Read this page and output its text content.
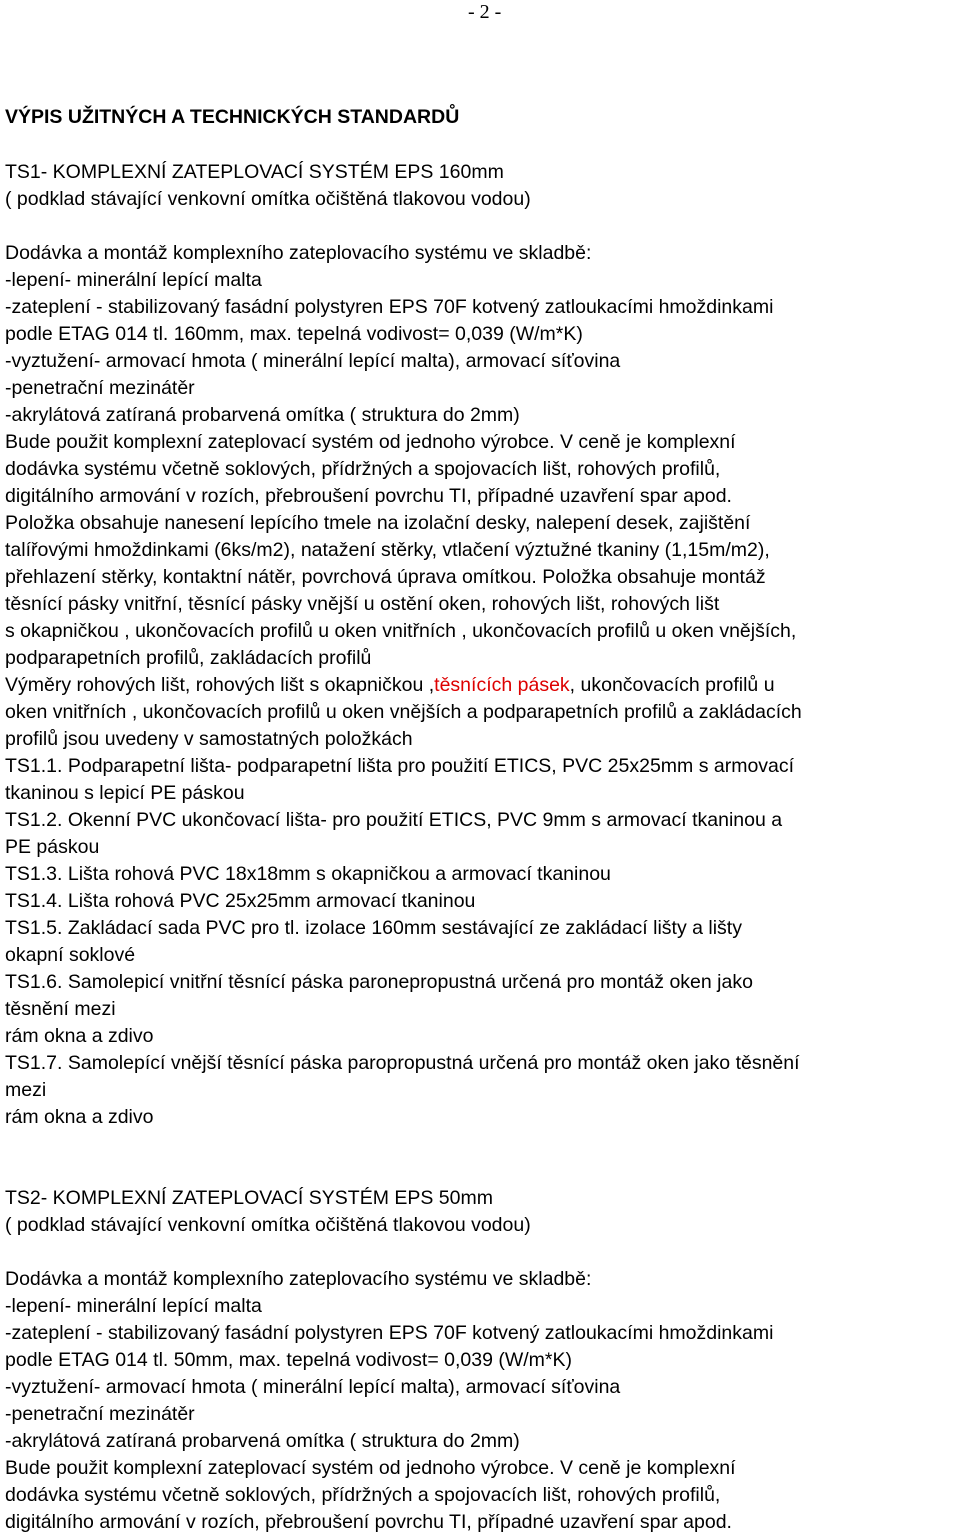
- 2 -
VÝPIS UŽITNÝCH A TECHNICKÝCH STANDARDŮ
TS1- KOMPLEXNÍ ZATEPLOVACÍ SYSTÉM EPS 160mm
( podklad stávající venkovní omítka očištěná tlakovou vodou)
Dodávka a montáž komplexního zateplovacího systému ve skladbě:
-lepení- minerální lepící malta
-zateplení - stabilizovaný fasádní polystyren EPS 70F kotvený zatloukacími hmoždinkami
podle ETAG 014 tl. 160mm, max. tepelná vodivost= 0,039 (W/m*K)
-vyztužení- armovací hmota ( minerální lepící malta), armovací síťovina
-penetrační mezinátěr
-akrylátová zatíraná probarvená omítka ( struktura do 2mm)
Bude použit komplexní zateplovací systém od jednoho výrobce. V ceně je komplexní
dodávka systému včetně soklových, přídržných a spojovacích lišt, rohových profilů,
digitálního armování v rozích, přebroušení povrchu TI, případné uzavření spar apod.
Položka obsahuje nanesení lepícího tmele na izolační desky, nalepení desek, zajištění
talířovými hmoždinkami (6ks/m2), natažení stěrky, vtlačení výztužné tkaniny (1,15m/m2),
přehlazení stěrky, kontaktní nátěr, povrchová úprava omítkou. Položka obsahuje montáž
těsnící pásky vnitřní, těsnící pásky vnější u ostění oken, rohových lišt, rohových lišt
s okapničkou , ukončovacích profilů u oken vnitřních , ukončovacích profilů u oken vnějších,
podparapetních profilů, zakládacích profilů
Výměry rohových lišt, rohových lišt s okapničkou ,těsnících pásek, ukončovacích profilů u
oken vnitřních , ukončovacích profilů u oken vnějších a podparapetních profilů a zakládacích
profilů jsou uvedeny v samostatných položkách
TS1.1. Podparapetní lišta- podparapetní lišta pro použití ETICS, PVC 25x25mm s armovací
tkaninou s lepicí PE páskou
TS1.2. Okenní PVC ukončovací lišta- pro použití ETICS, PVC 9mm s armovací tkaninou a
PE páskou
TS1.3. Lišta rohová PVC 18x18mm s okapničkou a armovací tkaninou
TS1.4. Lišta rohová PVC 25x25mm armovací tkaninou
TS1.5. Zakládací sada PVC pro tl. izolace 160mm sestávající ze zakládací lišty a lišty
okapní soklové
TS1.6. Samolepicí vnitřní těsnící páska paronepropustná určená pro montáž oken jako
těsnění mezi
rám okna a zdivo
TS1.7. Samolepící vnější těsnící páska paropropustná určená pro montáž oken jako těsnění
mezi
rám okna a zdivo
TS2- KOMPLEXNÍ ZATEPLOVACÍ SYSTÉM EPS 50mm
( podklad stávající venkovní omítka očištěná tlakovou vodou)
Dodávka a montáž komplexního zateplovacího systému ve skladbě:
-lepení- minerální lepící malta
-zateplení - stabilizovaný fasádní polystyren EPS 70F kotvený zatloukacími hmoždinkami
podle ETAG 014 tl. 50mm, max. tepelná vodivost= 0,039 (W/m*K)
-vyztužení- armovací hmota ( minerální lepící malta), armovací síťovina
-penetrační mezinátěr
-akrylátová zatíraná probarvená omítka ( struktura do 2mm)
Bude použit komplexní zateplovací systém od jednoho výrobce. V ceně je komplexní
dodávka systému včetně soklových, přídržných a spojovacích lišt, rohových profilů,
digitálního armování v rozích, přebroušení povrchu TI, případné uzavření spar apod.
